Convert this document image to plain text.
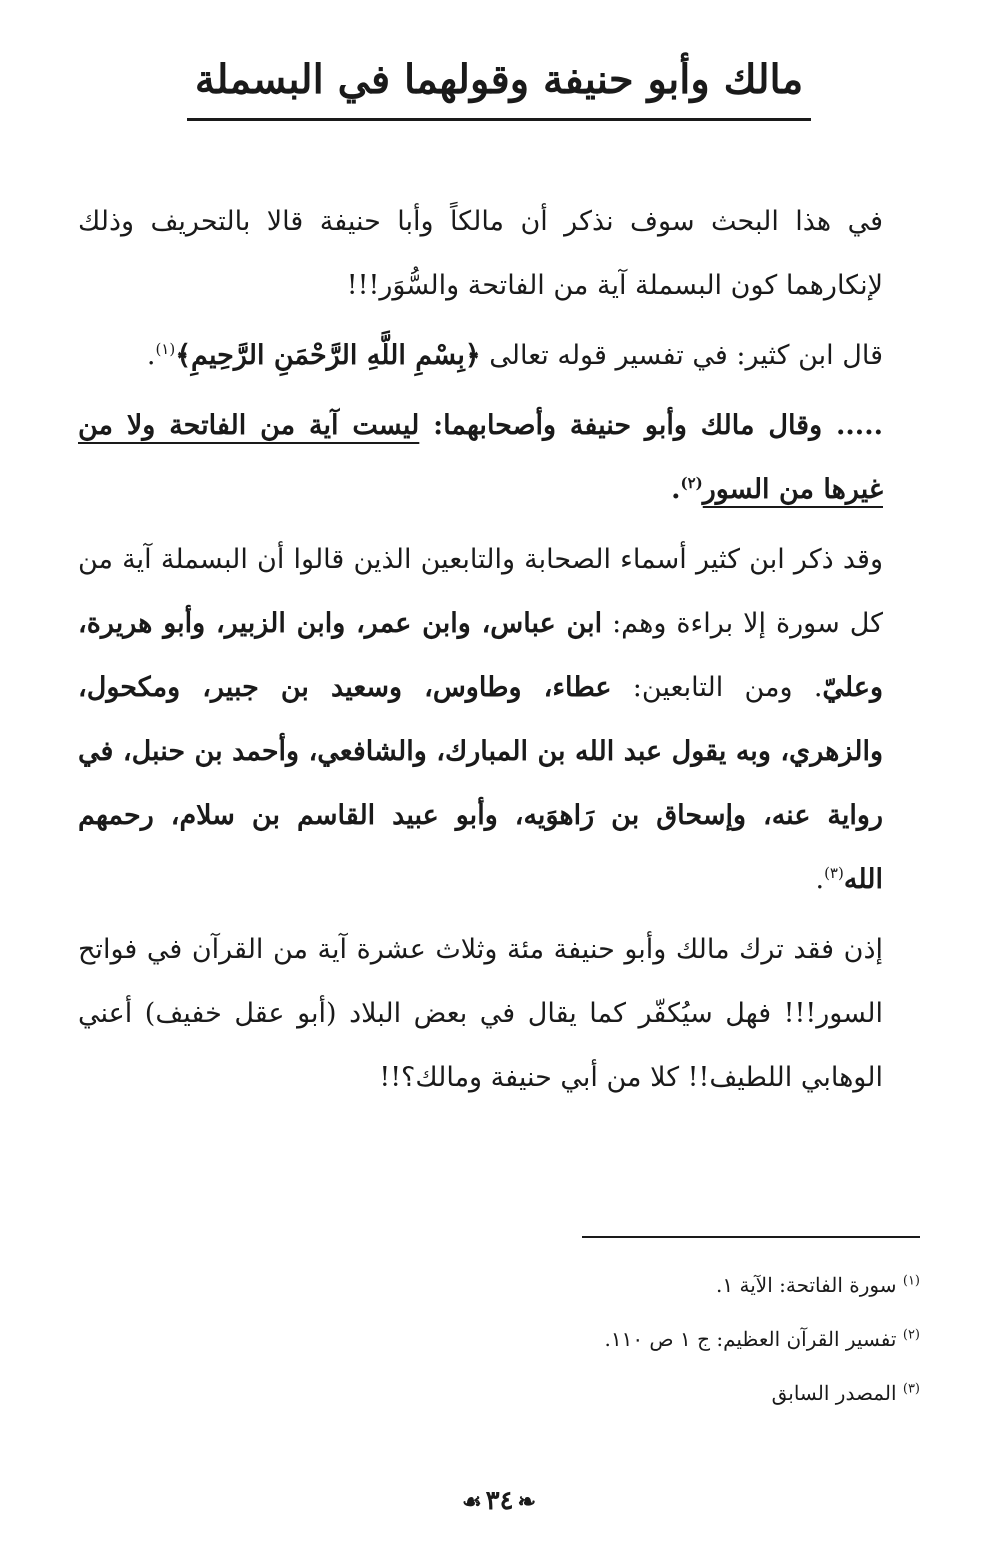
مالك وأبو حنيفة وقولهما في البسملة

في هذا البحث سوف نذكر أن مالكاً وأبا حنيفة قالا بالتحريف وذلك لإنكارهما كون البسملة آية من الفاتحة والسُّوَر!!!

قال ابن كثير: في تفسير قوله تعالى ﴿بِسْمِ اللَّهِ الرَّحْمَنِ الرَّحِيمِ﴾$^{(١)}$.

..... وقال مالك وأبو حنيفة وأصحابهما: ليست آية من الفاتحة ولا من غيرها من السور$^{(٢)}$.

وقد ذكر ابن كثير أسماء الصحابة والتابعين الذين قالوا أن البسملة آية من كل سورة إلا براءة وهم: ابن عباس، وابن عمر، وابن الزبير، وأبو هريرة، وعليّ. ومن التابعين: عطاء، وطاوس، وسعيد بن جبير، ومكحول، والزهري، وبه يقول عبد الله بن المبارك، والشافعي، وأحمد بن حنبل، في رواية عنه، وإسحاق بن رَاهوَيه، وأبو عبيد القاسم بن سلام، رحمهم الله$^{(٣)}$.

إذن فقد ترك مالك وأبو حنيفة مئة وثلاث عشرة آية من القرآن في فواتح السور!!! فهل سيُكفّر كما يقال في بعض البلاد (أبو عقل خفيف) أعني الوهابي اللطيف!! كلا من أبي حنيفة ومالك؟!!

$^{(١)}$ سورة الفاتحة: الآية ١.

$^{(٢)}$ تفسير القرآن العظيم: ج ١ ص ١١٠.

$^{(٣)}$ المصدر السابق

❧٣٤☙
